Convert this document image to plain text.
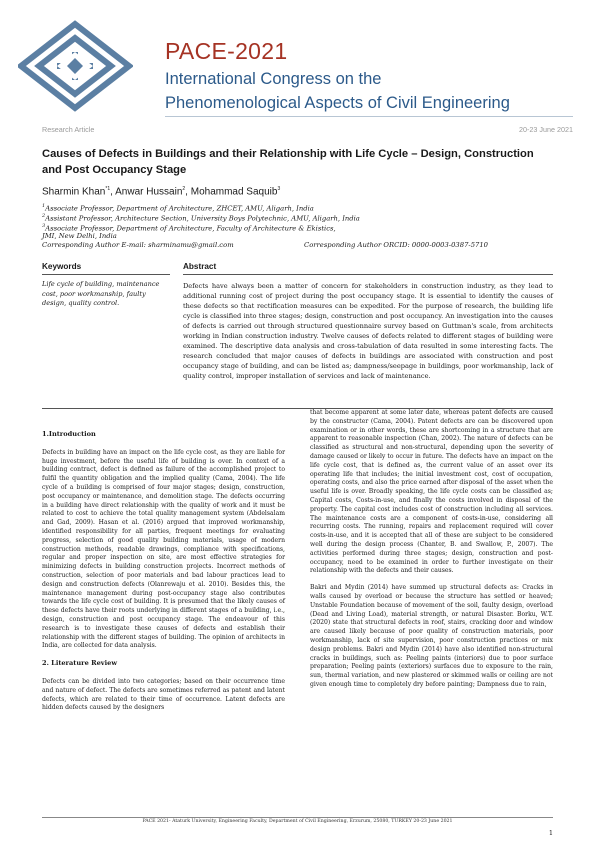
PACE-2021
International Congress on the
Phenomenological Aspects of Civil Engineering
Research Article	20-23 June 2021
Causes of Defects in Buildings and their Relationship with Life Cycle – Design, Construction and Post Occupancy Stage
Sharmin Khan$^{*1}$, Anwar Hussain$^2$, Mohammad Saquib$^3$
$^1$Associate Professor, Department of Architecture, ZHCET, AMU, Aligarh, India
$^2$Assistant Professor, Architecture Section, University Boys Polytechnic, AMU, Aligarh, India
$^3$Associate Professor, Department of Architecture, Faculty of Architecture & Ekistics,
JMI, New Delhi, India
Corresponding Author E-mail: sharminamu@gmail.com	Corresponding Author ORCID: 0000-0003-0387-5710
Keywords	Abstract
Life cycle of building, maintenance cost, poor workmanship, faulty design, quality control.
Defects have always been a matter of concern for stakeholders in construction industry, as they lead to additional running cost of project during the post occupancy stage. It is essential to identify the causes of these defects so that rectification measures can be expedited. For the purpose of research, the building life cycle is classified into three stages; design, construction and post occupancy. An investigation into the causes of defects is carried out through structured questionnaire survey based on Guttman's scale, from architects working in Indian construction industry. Twelve causes of defects related to different stages of building were examined. The descriptive data analysis and cross-tabulation of data resulted in some interesting facts. The research concluded that major causes of defects in buildings are associated with construction and post occupancy stage of building, and can be listed as; dampness/seepage in buildings, poor workmanship, lack of quality control, improper installation of services and lack of maintenance.
1.Introduction

Defects in building have an impact on the life cycle cost, as they are liable for huge investment, before the useful life of building is over. In context of a building contract, defect is defined as failure of the accomplished project to fulfil the quantity obligation and the implied quality (Cama, 2004). The life cycle of a building is comprised of four major stages; design, construction, post occupancy or maintenance, and demolition stage. The defects occurring in a building have direct relationship with the quality of work and it must be related to cost to achieve the total quality management system (Abdelsalam and Gad, 2009). Hasan et al. (2016) argued that improved workmanship, identified responsibility for all parties, frequent meetings for evaluating progress, selection of good quality building materials, usage of modern construction methods, readable drawings, compliance with specifications, regular and proper inspection on site, are most effective strategies for minimizing defects in building construction projects. Incorrect methods of construction, selection of poor materials and bad labour practices lead to design and construction defects (Olanrewaju et al. 2010). Besides this, the maintenance management during post-occupancy stage also contributes towards the life cycle cost of building. It is presumed that the likely causes of these defects have their roots underlying in different stages of a building, i.e., design, construction and post occupancy stage. The endeavour of this research is to investigate these causes of defects and establish their relationship with the different stages of building. The opinion of architects in India, are collected for data analysis.

2. Literature Review

Defects can be divided into two categories; based on their occurrence time and nature of defect. The defects are sometimes referred as patent and latent defects, which are related to their time of occurrence. Latent defects are hidden defects caused by the designers

that become apparent at some later date, whereas patent defects are caused by the constructer (Cama, 2004). Patent defects are can be discovered upon examination or in other words, these are shortcoming in a structure that are apparent to reasonable inspection (Chan, 2002). The nature of defects can be classified as structural and non-structural, depending upon the severity of damage caused or likely to occur in future. The defects have an impact on the life cycle cost, that is defined as, the current value of an asset over its operating life that includes; the initial investment cost, cost of occupation, operating costs, and also the price earned after disposal of the asset when the useful life is over. Broadly speaking, the life cycle costs can be classified as; Capital costs, Costs-in-use, and finally the costs involved in disposal of the property. The capital cost includes cost of construction including all services. The maintenance costs are a component of costs-in-use, considering all recurring costs. The running, repairs and replacement required will cover costs-in-use, and it is accepted that all of these are subject to be considered well during the design process (Chanter, B. and Swallow, P., 2007). The activities performed during three stages; design, construction and post-occupancy, need to be examined in order to further investigate on their relationship with the defects and their causes.

Bakri and Mydin (2014) have summed up structural defects as: Cracks in walls caused by overload or because the structure has settled or heaved; Unstable Foundation because of movement of the soil, faulty design, overload (Dead and Living Load), material strength, or natural Disaster. Borku, W.T. (2020) state that structural defects in roof, stairs, cracking door and window are caused likely because of poor quality of construction materials, poor workmanship, lack of site supervision, poor construction practices or mix design problems. Bakri and Mydin (2014) have also identified non-structural cracks in buildings, such as: Peeling paints (interiors) due to poor surface preparation; Peeling paints (exteriors) surfaces due to exposure to the rain, sun, thermal variation, and new plastered or skimmed walls or ceiling are not given enough time to completely dry before painting; Dampness due to rain,

PACE 2021- Ataturk University, Engineering Faculty, Department of Civil Engineering, Erzurum, 25080, TURKEY 20-23 June 2021
1
